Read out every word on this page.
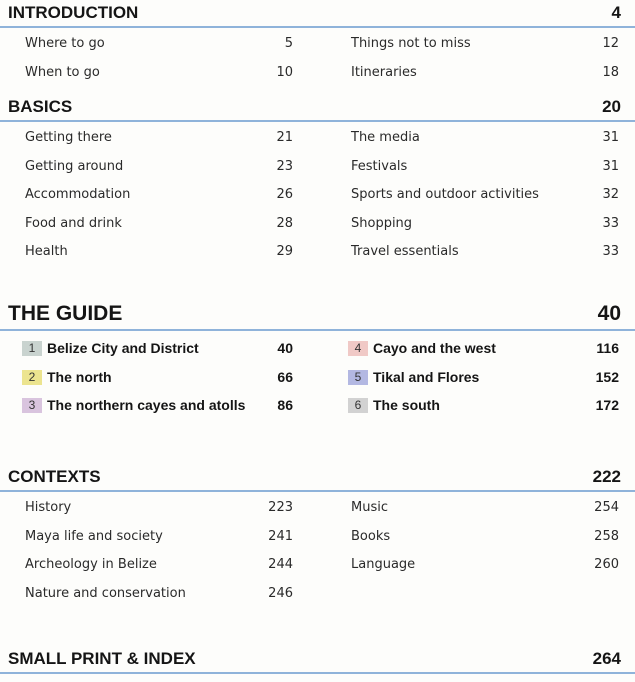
INTRODUCTION	4
Where to go	5	Things not to miss	12
When to go	10	Itineraries	18
BASICS	20
Getting there	21	The media	31
Getting around	23	Festivals	31
Accommodation	26	Sports and outdoor activities	32
Food and drink	28	Shopping	33
Health	29	Travel essentials	33
THE GUIDE	40
1 Belize City and District	40	4 Cayo and the west	116
2 The north	66	5 Tikal and Flores	152
3 The northern cayes and atolls 86	6 The south	172
CONTEXTS	222
History	223	Music	254
Maya life and society	241	Books	258
Archeology in Belize	244	Language	260
Nature and conservation	246
SMALL PRINT & INDEX	264
